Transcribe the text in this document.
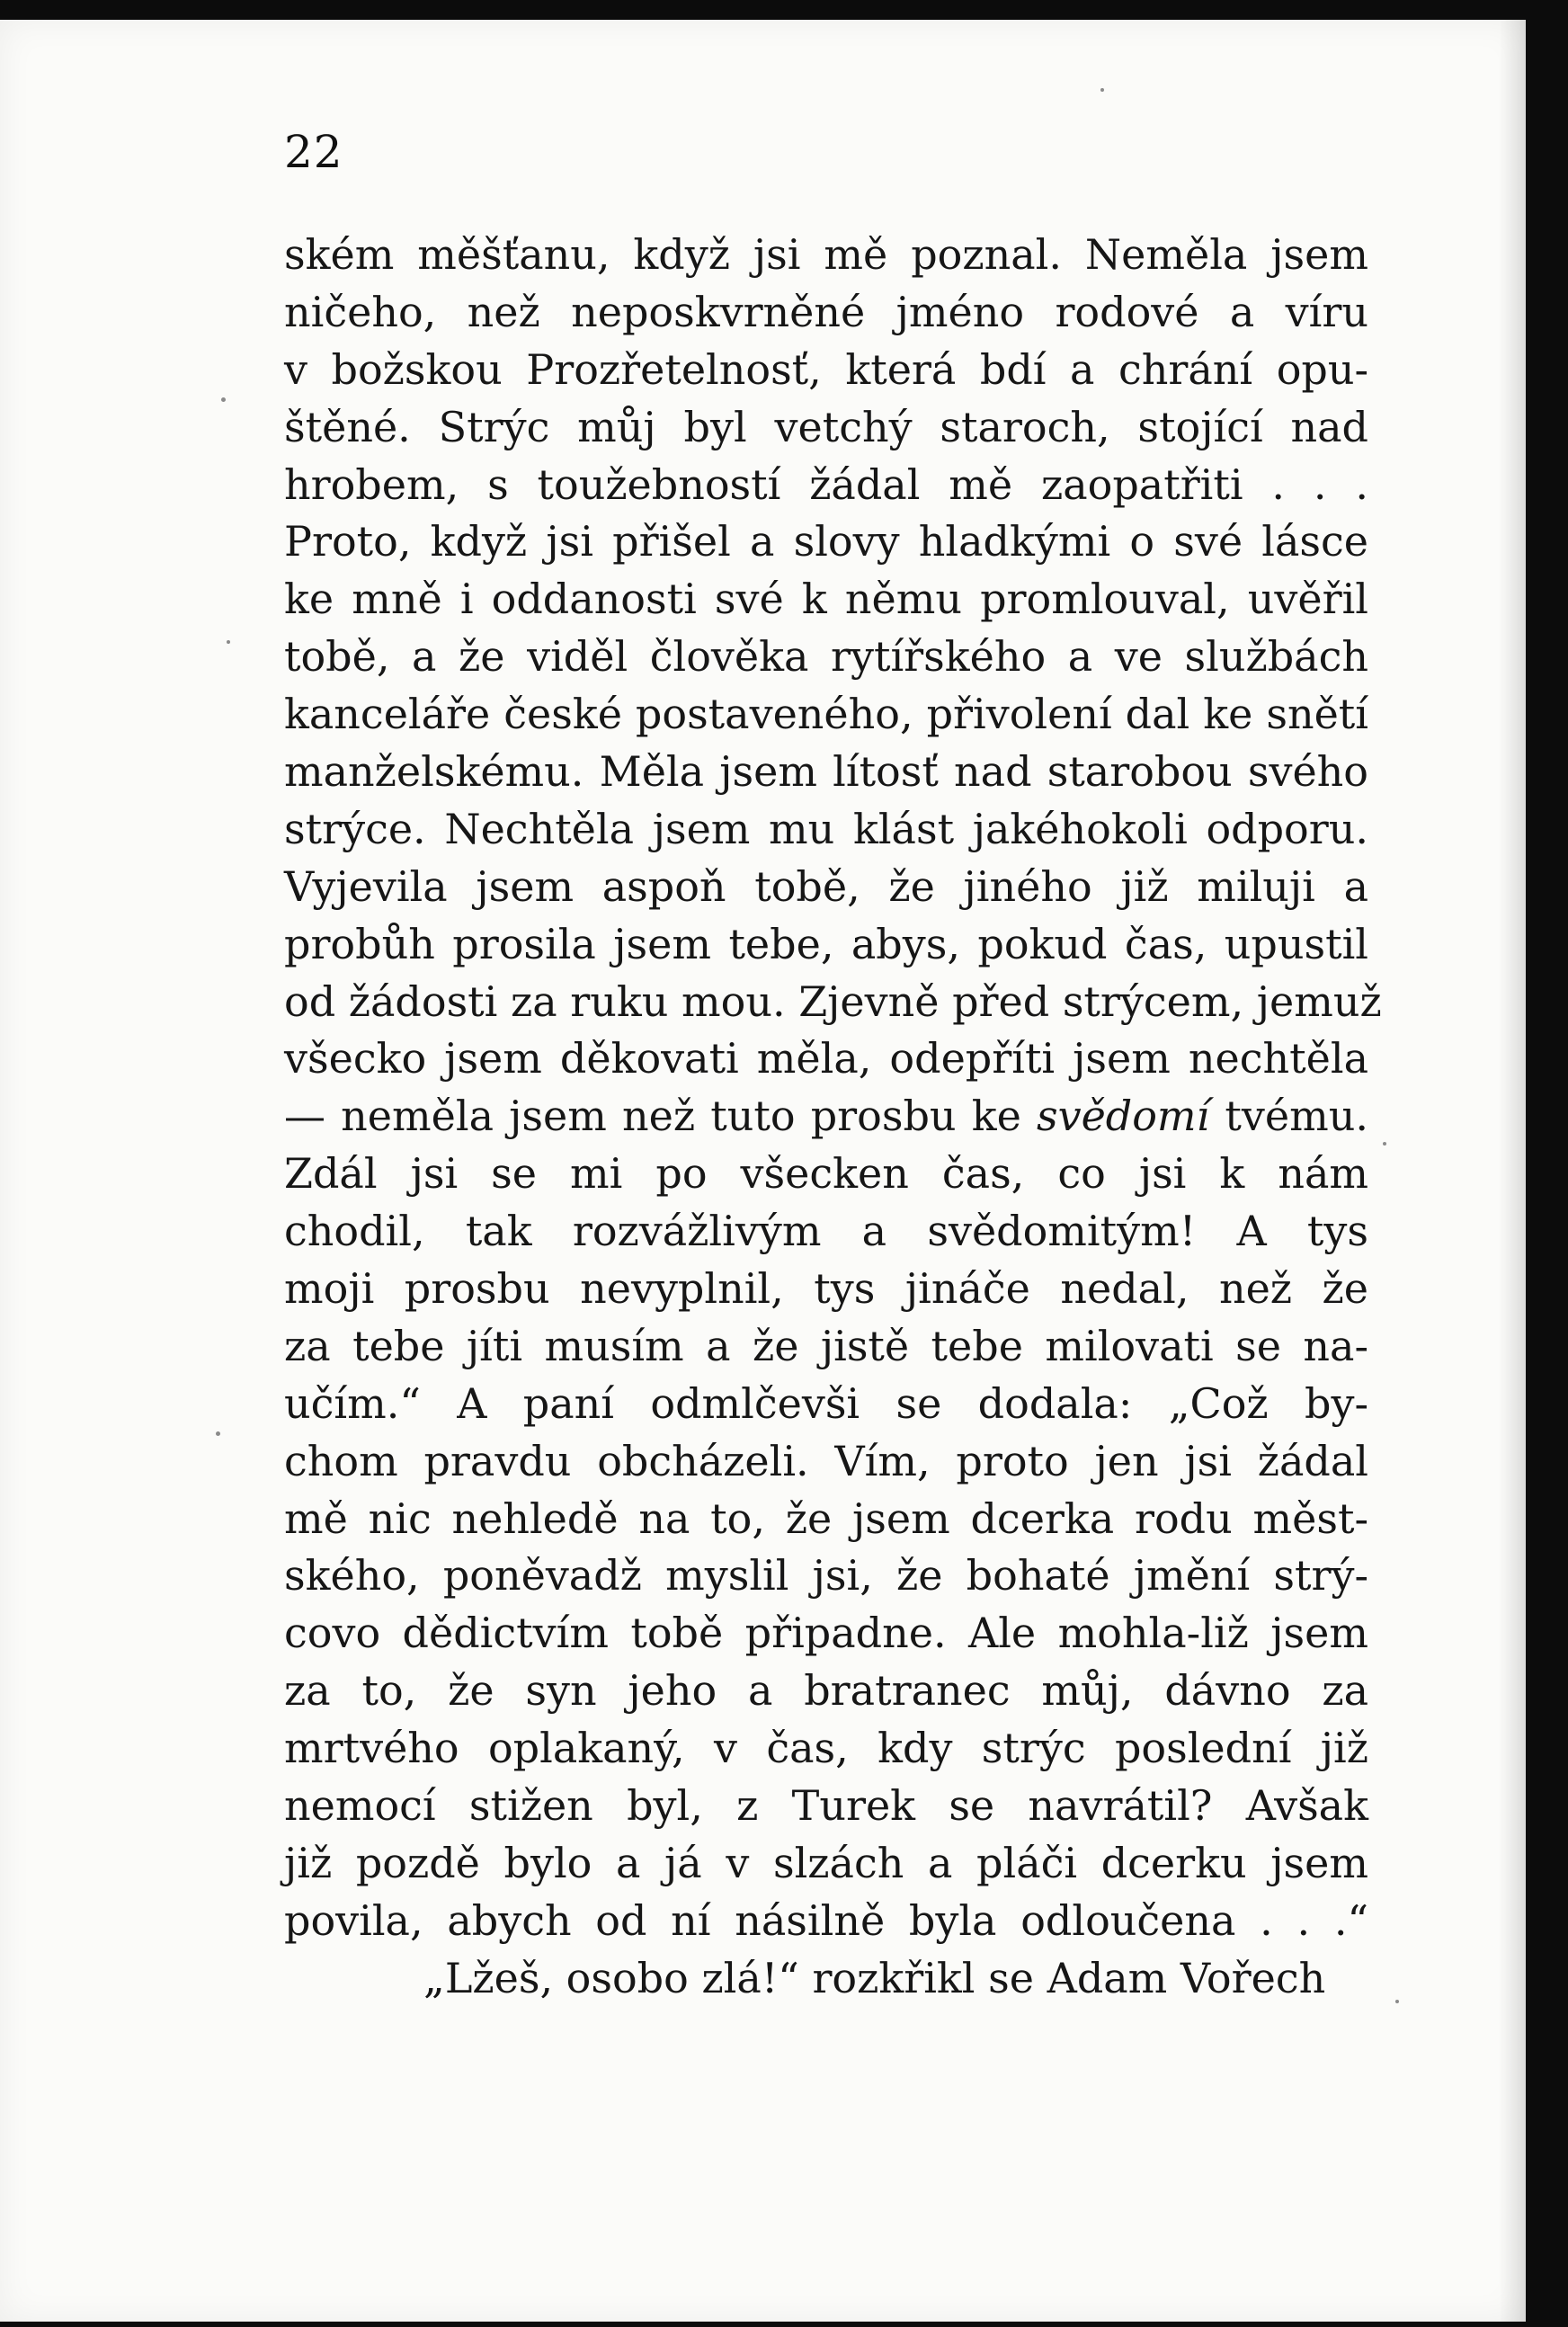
22
ském měšťanu, když jsi mě poznal. Neměla jsem
ničeho, než neposkvrněné jméno rodové a víru
v božskou Prozřetelnosť, která bdí a chrání opu-
štěné. Strýc můj byl vetchý staroch, stojící nad
hrobem, s toužebností žádal mě zaopatřiti . . .
Proto, když jsi přišel a slovy hladkými o své lásce
ke mně i oddanosti své k němu promlouval, uvěřil
tobě, a že viděl člověka rytířského a ve službách
kanceláře české postaveného, přivolení dal ke snětí
manželskému. Měla jsem lítosť nad starobou svého
strýce. Nechtěla jsem mu klást jakéhokoli odporu.
Vyjevila jsem aspoň tobě, že jiného již miluji a
probůh prosila jsem tebe, abys, pokud čas, upustil
od žádosti za ruku mou. Zjevně před strýcem, jemuž
všecko jsem děkovati měla, odepříti jsem nechtěla
— neměla jsem než tuto prosbu ke svědomí tvému.
Zdál jsi se mi po všecken čas, co jsi k nám
chodil, tak rozvážlivým a svědomitým! A tys
moji prosbu nevyplnil, tys jináče nedal, než že
za tebe jíti musím a že jistě tebe milovati se na-
učím.“ A paní odmlčevši se dodala: „Což by-
chom pravdu obcházeli. Vím, proto jen jsi žádal
mě nic nehledě na to, že jsem dcerka rodu měst-
ského, poněvadž myslil jsi, že bohaté jmění strý-
covo dědictvím tobě připadne. Ale mohla-liž jsem
za to, že syn jeho a bratranec můj, dávno za
mrtvého oplakaný, v čas, kdy strýc poslední již
nemocí stižen byl, z Turek se navrátil? Avšak
již pozdě bylo a já v slzách a pláči dcerku jsem
povila, abych od ní násilně byla odloučena . . .“
„Lžeš, osobo zlá!“ rozkřikl se Adam Vořech
